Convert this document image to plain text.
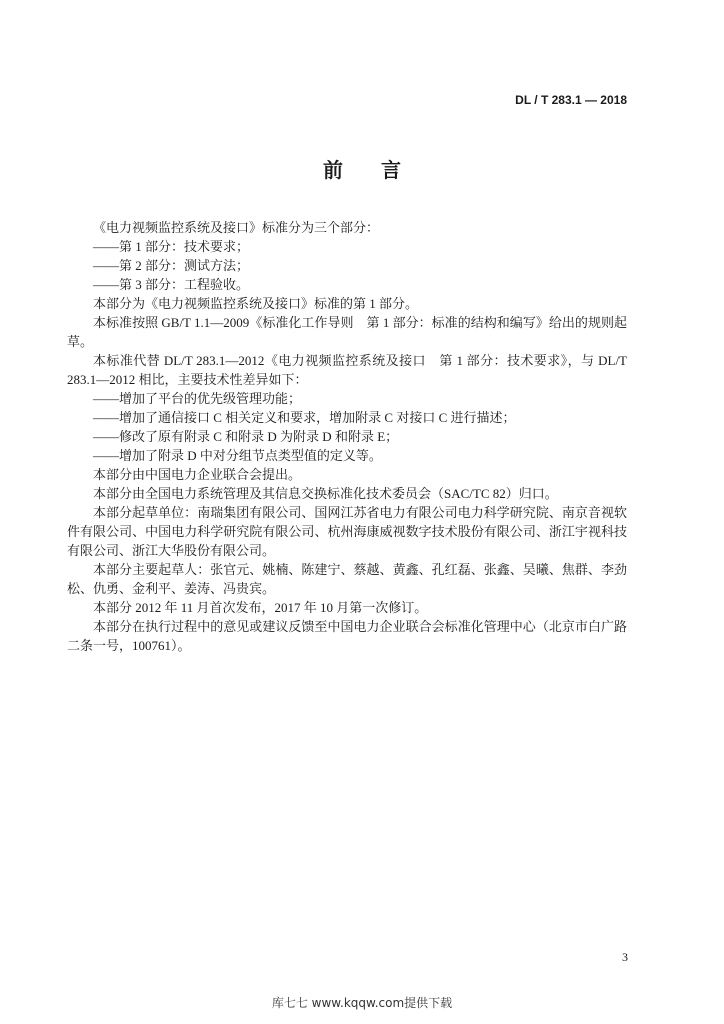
DL / T 283.1 — 2018
前言

《电力视频监控系统及接口》标准分为三个部分：

——第 1 部分：技术要求；

——第 2 部分：测试方法；

——第 3 部分：工程验收。

本部分为《电力视频监控系统及接口》标准的第 1 部分。

本标准按照 GB/T 1.1—2009《标准化工作导则　第 1 部分：标准的结构和编写》给出的规则起草。

本标准代替 DL/T 283.1—2012《电力视频监控系统及接口　第 1 部分：技术要求》，与 DL/T 283.1—2012 相比，主要技术性差异如下：

——增加了平台的优先级管理功能；

——增加了通信接口 C 相关定义和要求，增加附录 C 对接口 C 进行描述；

——修改了原有附录 C 和附录 D 为附录 D 和附录 E；

——增加了附录 D 中对分组节点类型值的定义等。

本部分由中国电力企业联合会提出。

本部分由全国电力系统管理及其信息交换标准化技术委员会（SAC/TC 82）归口。

本部分起草单位：南瑞集团有限公司、国网江苏省电力有限公司电力科学研究院、南京音视软件有限公司、中国电力科学研究院有限公司、杭州海康威视数字技术股份有限公司、浙江宇视科技有限公司、浙江大华股份有限公司。

本部分主要起草人：张官元、姚楠、陈建宁、蔡越、黄鑫、孔红磊、张鑫、吴曦、焦群、李劲松、仇勇、金利平、姜涛、冯贵宾。

本部分 2012 年 11 月首次发布，2017 年 10 月第一次修订。

本部分在执行过程中的意见或建议反馈至中国电力企业联合会标准化管理中心（北京市白广路二条一号，100761）。

3
库七七 www.kqqw.com提供下载
